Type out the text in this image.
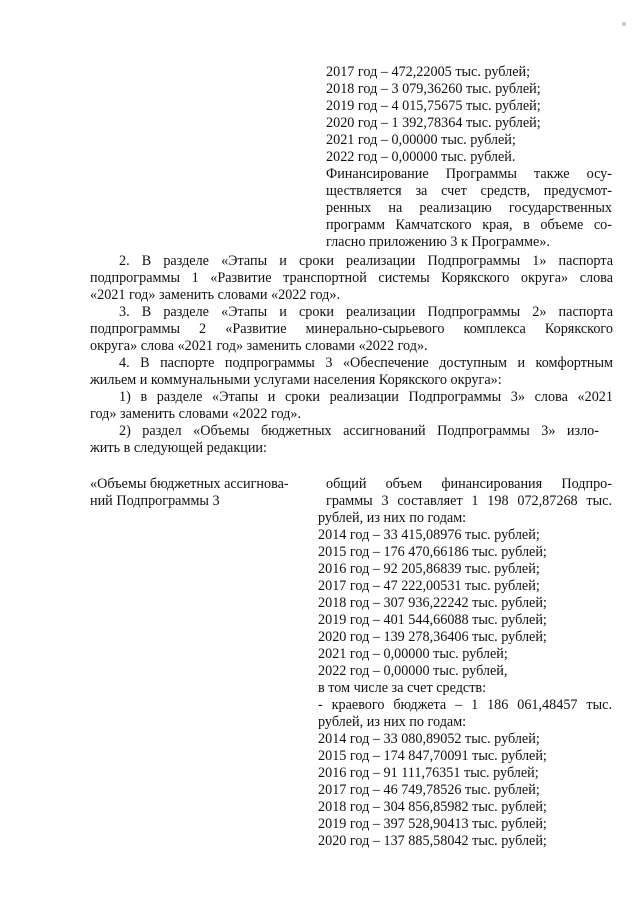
2017 год – 472,22005 тыс. рублей;
2018 год – 3 079,36260 тыс. рублей;
2019 год – 4 015,75675 тыс. рублей;
2020 год – 1 392,78364 тыс. рублей;
2021 год – 0,00000 тыс. рублей;
2022 год – 0,00000 тыс. рублей.
Финансирование Программы также осу-
ществляется за счет средств, предусмот-
ренных на реализацию государственных
программ Камчатского края, в объеме со-
гласно приложению 3 к Программе».
2. В разделе «Этапы и сроки реализации Подпрограммы 1» паспорта
подпрограммы 1 «Развитие транспортной системы Корякского округа» слова
«2021 год» заменить словами «2022 год».
3. В разделе «Этапы и сроки реализации Подпрограммы 2» паспорта
подпрограммы 2 «Развитие минерально-сырьевого комплекса Корякского
округа» слова «2021 год» заменить словами «2022 год».
4. В паспорте подпрограммы 3 «Обеспечение доступным и комфортным
жильем и коммунальными услугами населения Корякского округа»:
1) в разделе «Этапы и сроки реализации Подпрограммы 3» слова «2021
год» заменить словами «2022 год».
2) раздел «Объемы бюджетных ассигнований Подпрограммы 3» изло-
жить в следующей редакции:
«Объемы бюджетных ассигнова-
ний Подпрограммы 3
общий объем финансирования Подпро-
граммы 3 составляет 1 198 072,87268 тыс.
рублей, из них по годам:
2014 год – 33 415,08976 тыс. рублей;
2015 год – 176 470,66186 тыс. рублей;
2016 год – 92 205,86839 тыс. рублей;
2017 год – 47 222,00531 тыс. рублей;
2018 год – 307 936,22242 тыс. рублей;
2019 год – 401 544,66088 тыс. рублей;
2020 год – 139 278,36406 тыс. рублей;
2021 год – 0,00000 тыс. рублей;
2022 год – 0,00000 тыс. рублей,
в том числе за счет средств:
- краевого бюджета – 1 186 061,48457 тыс.
рублей, из них по годам:
2014 год – 33 080,89052 тыс. рублей;
2015 год – 174 847,70091 тыс. рублей;
2016 год – 91 111,76351 тыс. рублей;
2017 год – 46 749,78526 тыс. рублей;
2018 год – 304 856,85982 тыс. рублей;
2019 год – 397 528,90413 тыс. рублей;
2020 год – 137 885,58042 тыс. рублей;
